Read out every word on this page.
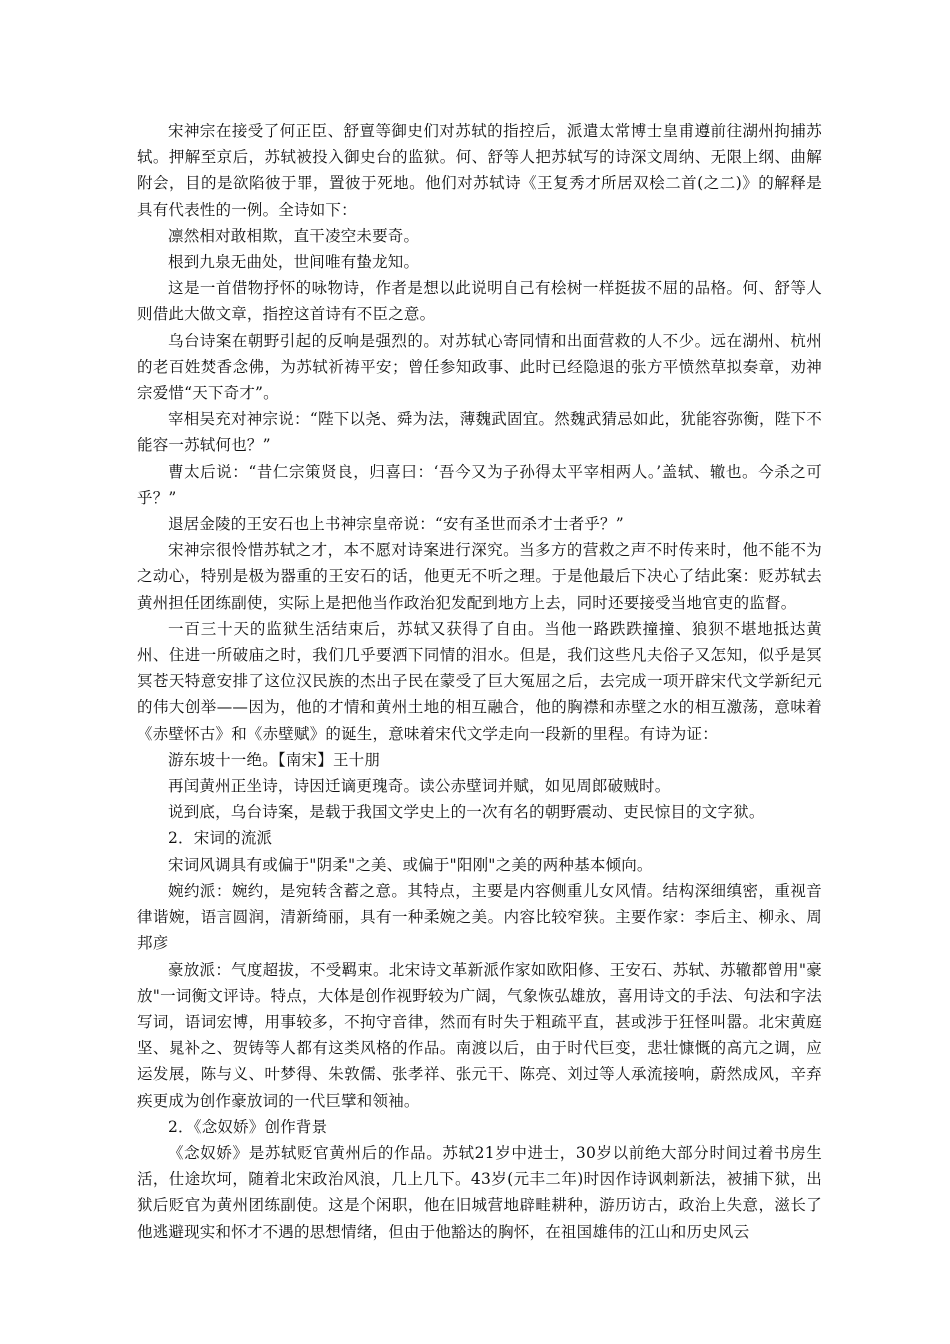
宋神宗在接受了何正臣、舒亶等御史们对苏轼的指控后，派遣太常博士皇甫遵前往湖州拘捕苏轼。押解至京后，苏轼被投入御史台的监狱。何、舒等人把苏轼写的诗深文周纳、无限上纲、曲解附会，目的是欲陷彼于罪，置彼于死地。他们对苏轼诗《王复秀才所居双桧二首(之二)》的解释是具有代表性的一例。全诗如下：

凛然相对敢相欺，直干凌空未要奇。

根到九泉无曲处，世间唯有蛰龙知。

这是一首借物抒怀的咏物诗，作者是想以此说明自己有桧树一样挺拔不屈的品格。何、舒等人则借此大做文章，指控这首诗有不臣之意。

乌台诗案在朝野引起的反响是强烈的。对苏轼心寄同情和出面营救的人不少。远在湖州、杭州的老百姓焚香念佛，为苏轼祈祷平安；曾任参知政事、此时已经隐退的张方平愤然草拟奏章，劝神宗爱惜“天下奇才”。

宰相吴充对神宗说：“陛下以尧、舜为法，薄魏武固宜。然魏武猜忌如此，犹能容弥衡，陛下不能容一苏轼何也？”

曹太后说：“昔仁宗策贤良，归喜曰：‘吾今又为子孙得太平宰相两人。’盖轼、辙也。今杀之可乎？”

退居金陵的王安石也上书神宗皇帝说：“安有圣世而杀才士者乎？”

宋神宗很怜惜苏轼之才，本不愿对诗案进行深究。当多方的营救之声不时传来时，他不能不为之动心，特别是极为器重的王安石的话，他更无不听之理。于是他最后下决心了结此案：贬苏轼去黄州担任团练副使，实际上是把他当作政治犯发配到地方上去，同时还要接受当地官吏的监督。

一百三十天的监狱生活结束后，苏轼又获得了自由。当他一路跌跌撞撞、狼狈不堪地抵达黄州、住进一所破庙之时，我们几乎要洒下同情的泪水。但是，我们这些凡夫俗子又怎知，似乎是冥冥苍天特意安排了这位汉民族的杰出子民在蒙受了巨大冤屈之后，去完成一项开辟宋代文学新纪元的伟大创举——因为，他的才情和黄州土地的相互融合，他的胸襟和赤壁之水的相互激荡，意味着《赤壁怀古》和《赤壁赋》的诞生，意味着宋代文学走向一段新的里程。有诗为证：

游东坡十一绝。【南宋】王十朋

再闰黄州正坐诗，诗因迁谪更瑰奇。读公赤壁词并赋，如见周郎破贼时。

说到底，乌台诗案，是载于我国文学史上的一次有名的朝野震动、吏民惊目的文字狱。

2．宋词的流派

宋词风调具有或偏于"阴柔"之美、或偏于"阳刚"之美的两种基本倾向。

婉约派：婉约，是宛转含蓄之意。其特点，主要是内容侧重儿女风情。结构深细缜密，重视音律谐婉，语言圆润，清新绮丽，具有一种柔婉之美。内容比较窄狭。主要作家：李后主、柳永、周邦彦

豪放派：气度超拔，不受羁束。北宋诗文革新派作家如欧阳修、王安石、苏轼、苏辙都曾用"豪放"一词衡文评诗。特点，大体是创作视野较为广阔，气象恢弘雄放，喜用诗文的手法、句法和字法写词，语词宏博，用事较多，不拘守音律，然而有时失于粗疏平直，甚或涉于狂怪叫嚣。北宋黄庭坚、晁补之、贺铸等人都有这类风格的作品。南渡以后，由于时代巨变，悲壮慷慨的高亢之调，应运发展，陈与义、叶梦得、朱敦儒、张孝祥、张元干、陈亮、刘过等人承流接响，蔚然成风，辛弃疾更成为创作豪放词的一代巨擘和领袖。

2．《念奴娇》创作背景

《念奴娇》是苏轼贬官黄州后的作品。苏轼21岁中进士，30岁以前绝大部分时间过着书房生活，仕途坎坷，随着北宋政治风浪，几上几下。43岁(元丰二年)时因作诗讽刺新法，被捕下狱，出狱后贬官为黄州团练副使。这是个闲职，他在旧城营地辟畦耕种，游历访古，政治上失意，滋长了他逃避现实和怀才不遇的思想情绪，但由于他豁达的胸怀，在祖国雄伟的江山和历史风云
